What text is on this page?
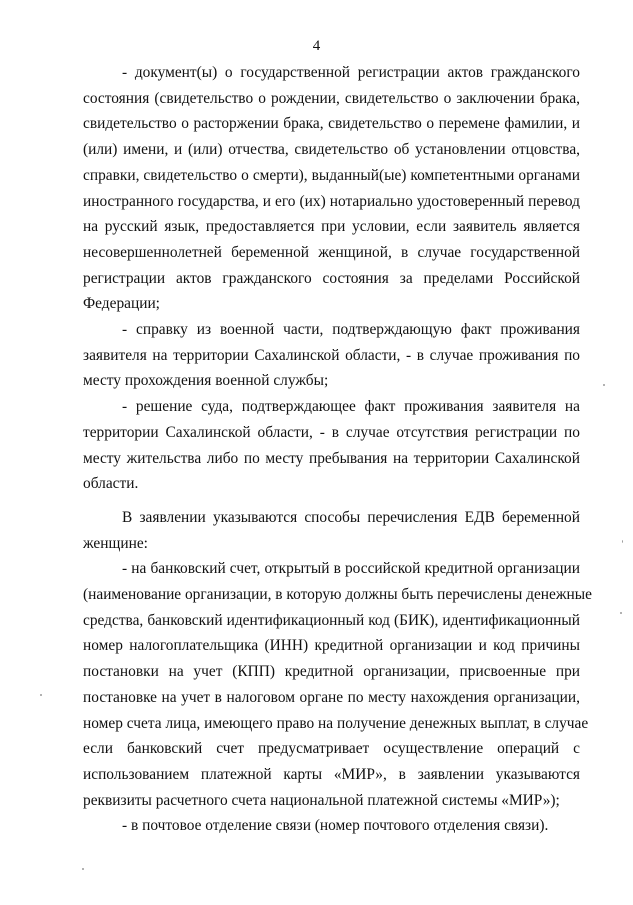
4

- документ(ы) о государственной регистрации актов гражданского
состояния (свидетельство о рождении, свидетельство о заключении брака,
свидетельство о расторжении брака, свидетельство о перемене фамилии, и
(или) имени, и (или) отчества, свидетельство об установлении отцовства,
справки, свидетельство о смерти), выданный(ые) компетентными органами
иностранного государства, и его (их) нотариально удостоверенный перевод
на русский язык, предоставляется при условии, если заявитель является
несовершеннолетней беременной женщиной, в случае государственной
регистрации актов гражданского состояния за пределами Российской
Федерации;

- справку из военной части, подтверждающую факт проживания
заявителя на территории Сахалинской области, - в случае проживания по
месту прохождения военной службы;

- решение суда, подтверждающее факт проживания заявителя на
территории Сахалинской области, - в случае отсутствия регистрации по
месту жительства либо по месту пребывания на территории Сахалинской
области.

В заявлении указываются способы перечисления ЕДВ беременной
женщине:

- на банковский счет, открытый в российской кредитной организации
(наименование организации, в которую должны быть перечислены денежные
средства, банковский идентификационный код (БИК), идентификационный
номер налогоплательщика (ИНН) кредитной организации и код причины
постановки на учет (КПП) кредитной организации, присвоенные при
постановке на учет в налоговом органе по месту нахождения организации,
номер счета лица, имеющего право на получение денежных выплат, в случае
если банковский счет предусматривает осуществление операций с
использованием платежной карты «МИР», в заявлении указываются
реквизиты расчетного счета национальной платежной системы «МИР»);

- в почтовое отделение связи (номер почтового отделения связи).
